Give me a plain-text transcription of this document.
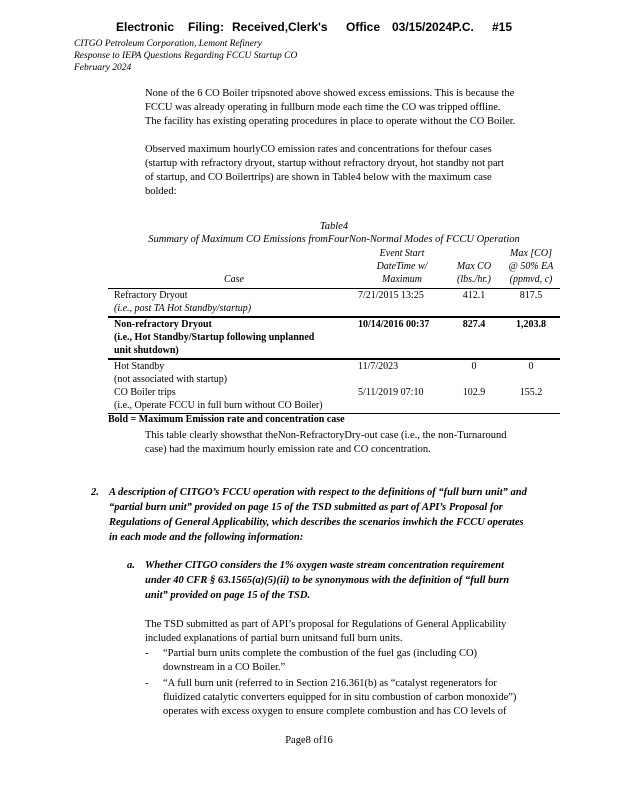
Electronic Filing: Received,Clerk's Office 03/15/2024P.C. #15
CITGO Petroleum Corporation, Lemont Refinery
Response to IEPA Questions Regarding FCCU Startup CO
February 2024
None of the 6 CO Boiler tripsnoted above showed excess emissions. This is because the
FCCU was already operating in fullburn mode each time the CO was tripped offline.
The facility has existing operating procedures in place to operate without the CO Boiler.
Observed maximum hourlyCO emission rates and concentrations for thefour cases
(startup with refractory dryout, startup without refractory dryout, hot standby not part
of startup, and CO Boilertrips) are shown in Table4 below with the maximum case
bolded:
Table4
Summary of Maximum CO Emissions fromFourNon-Normal Modes of FCCU Operation
Event Start
DateTime w/
Maximum
Max CO
(lbs./hr.)
Max [CO]
@ 50% EA
(ppmvd, c)
Case
Refractory Dryout
(i.e., post TA Hot Standby/startup)
7/21/2015 13:25	412.1	817.5
Non-refractory Dryout
(i.e., Hot Standby/Startup following unplanned
unit shutdown)
10/14/2016 00:37	827.4	1,203.8
Hot Standby
(not associated with startup)
11/7/2023	0	0
CO Boiler trips
(i.e., Operate FCCU in full burn without CO Boiler)
5/11/2019 07:10	102.9	155.2
Bold = Maximum Emission rate and concentration case
This table clearly showsthat theNon-RefractoryDry-out case (i.e., the non-Turnaround
case) had the maximum hourly emission rate and CO concentration.
2. A description of CITGO’s FCCU operation with respect to the definitions of “full burn unit” and
“partial burn unit” provided on page 15 of the TSD submitted as part of API’s Proposal for
Regulations of General Applicability, which describes the scenarios inwhich the FCCU operates
in each mode and the following information:
a. Whether CITGO considers the 1% oxygen waste stream concentration requirement
under 40 CFR § 63.1565(a)(5)(ii) to be synonymous with the definition of “full burn
unit” provided on page 15 of the TSD.
The TSD submitted as part of API’s proposal for Regulations of General Applicability
included explanations of partial burn unitsand full burn units.
- “Partial burn units complete the combustion of the fuel gas (including CO)
downstream in a CO Boiler.”
- “A full burn unit (referred to in Section 216.361(b) as “catalyst regenerators for
fluidized catalytic converters equipped for in situ combustion of carbon monoxide”)
operates with excess oxygen to ensure complete combustion and has CO levels of
Page8 of16
